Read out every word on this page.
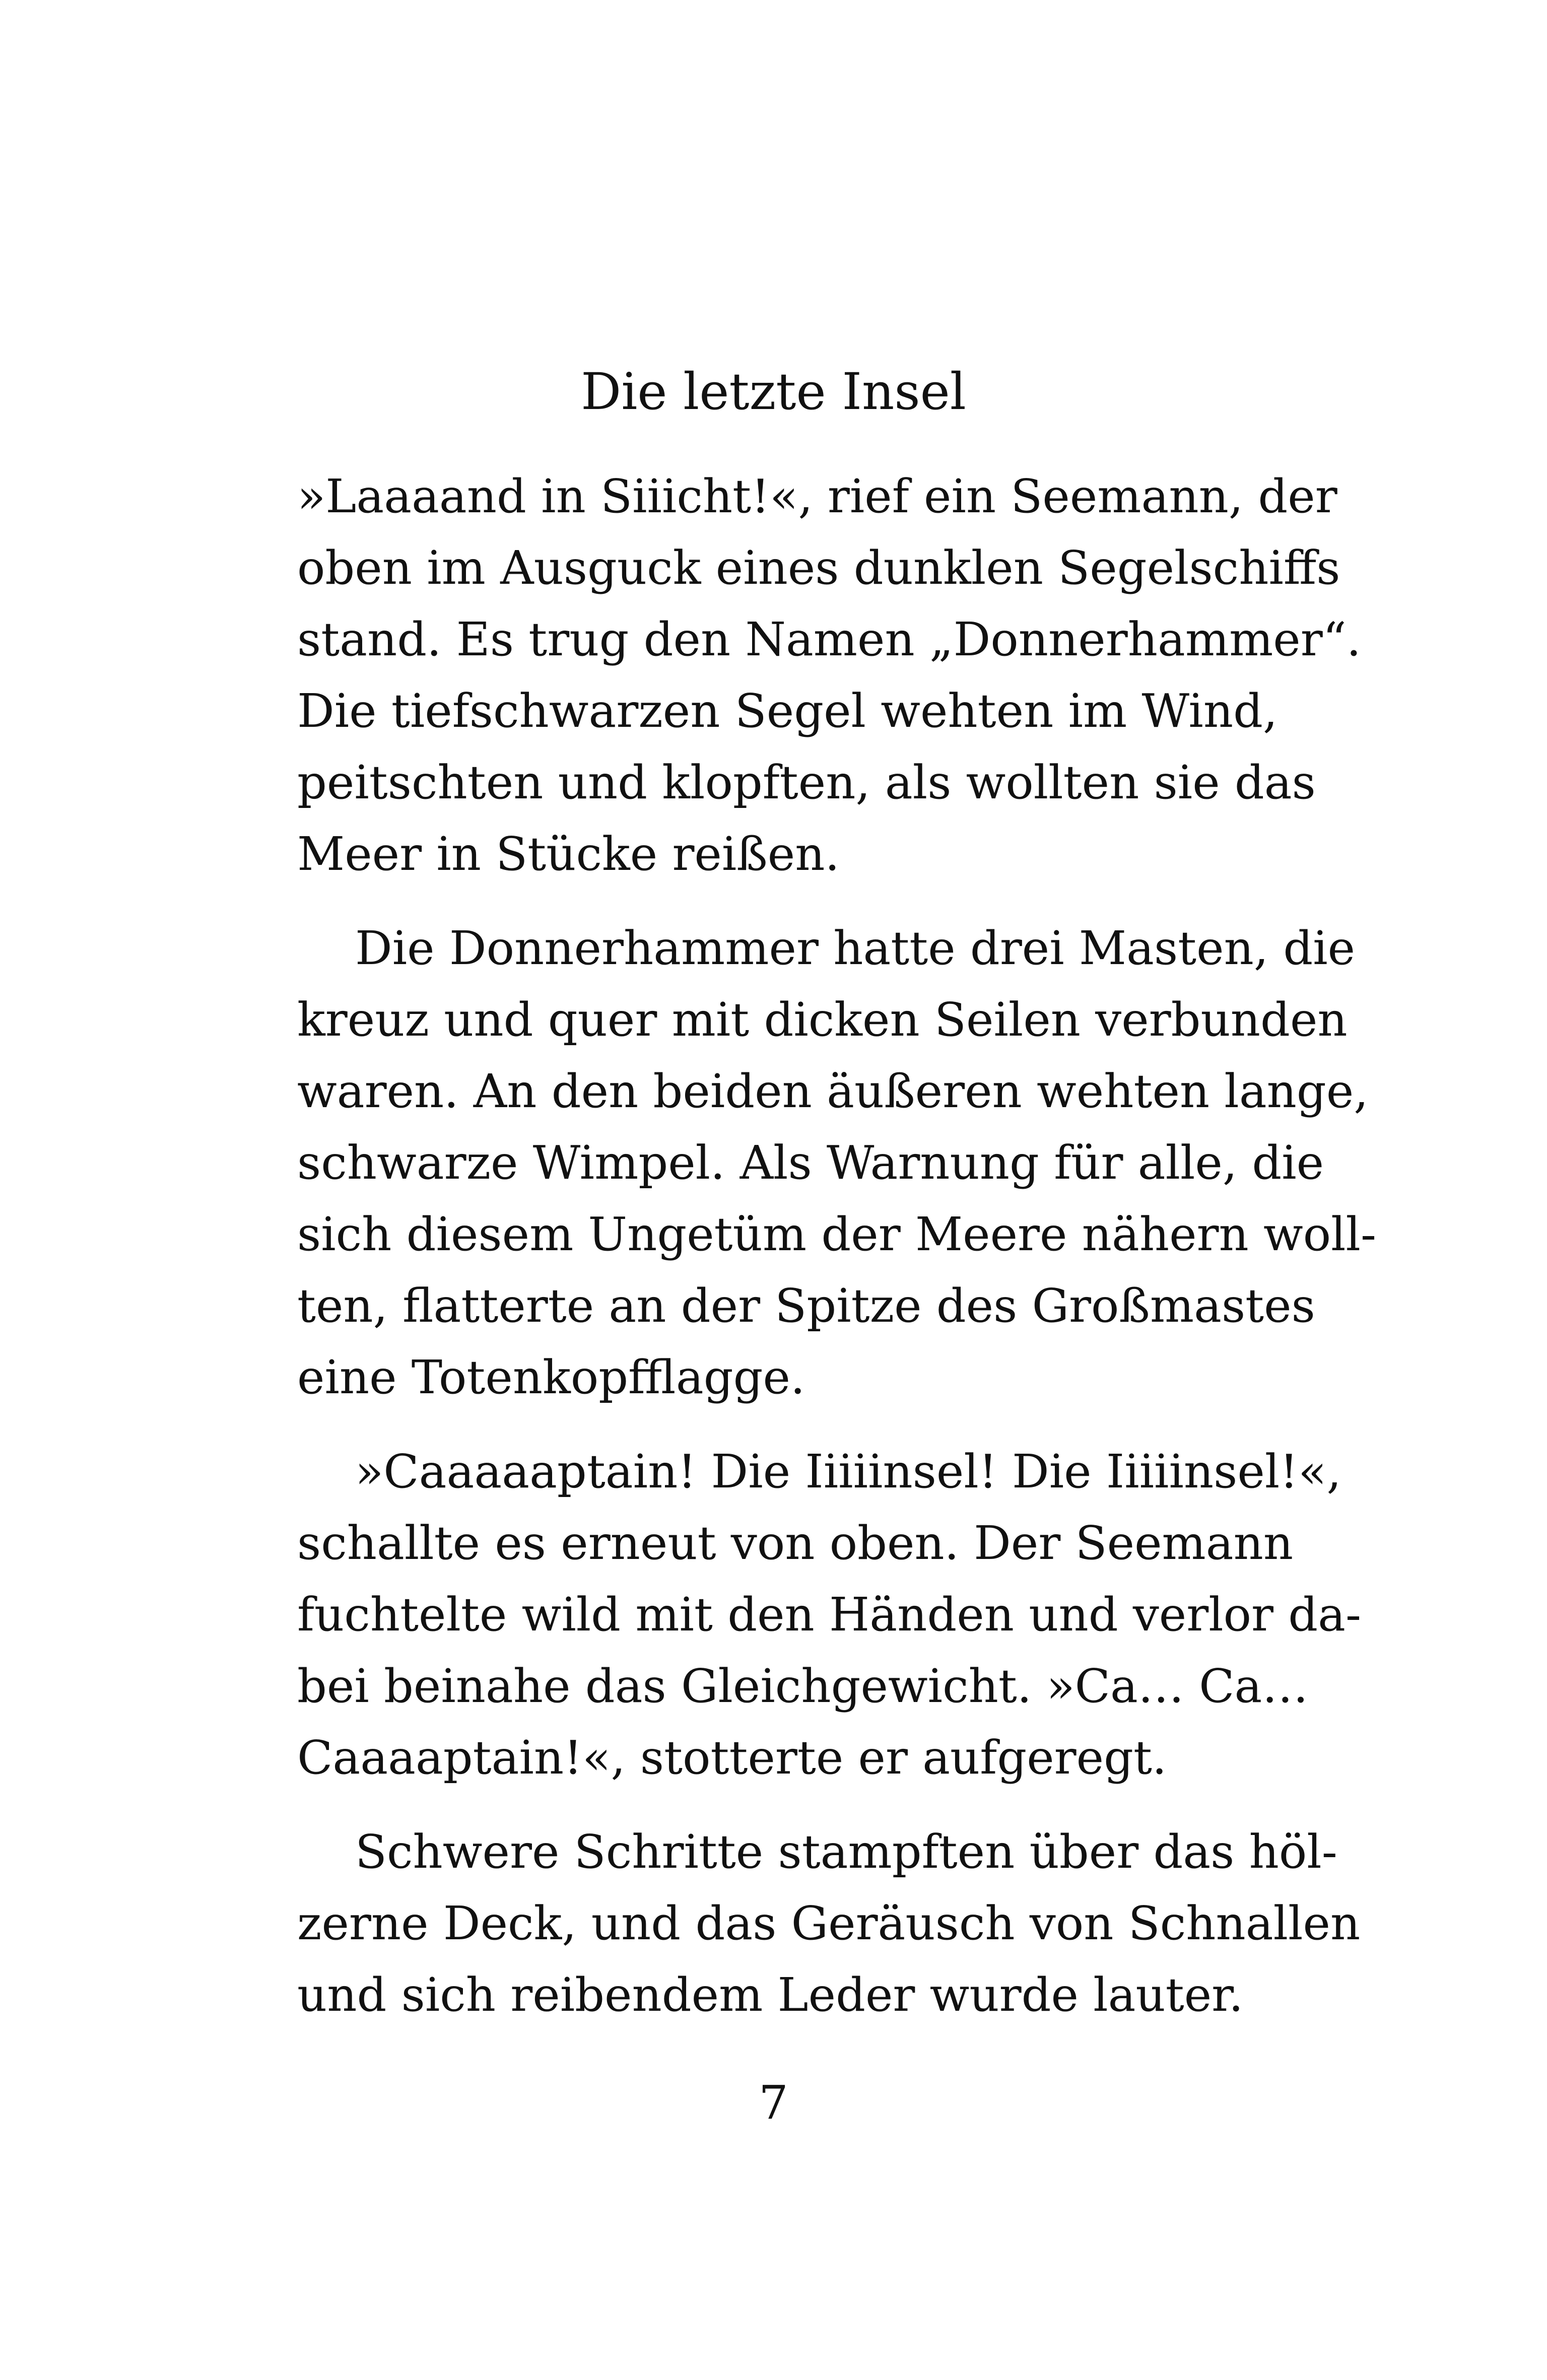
Die letzte Insel

»Laaaand in Siiicht!«, rief ein Seemann, der
oben im Ausguck eines dunklen Segelschiffs
stand. Es trug den Namen „Donnerhammer“.
Die tiefschwarzen Segel wehten im Wind,
peitschten und klopften, als wollten sie das
Meer in Stücke reißen.

Die Donnerhammer hatte drei Masten, die
kreuz und quer mit dicken Seilen verbunden
waren. An den beiden äußeren wehten lange,
schwarze Wimpel. Als Warnung für alle, die
sich diesem Ungetüm der Meere nähern woll-
ten, flatterte an der Spitze des Großmastes
eine Totenkopfflagge.

»Caaaaaptain! Die Iiiiinsel! Die Iiiiinsel!«,
schallte es erneut von oben. Der Seemann
fuchtelte wild mit den Händen und verlor da-
bei beinahe das Gleichgewicht. »Ca… Ca…
Caaaaptain!«, stotterte er aufgeregt.

Schwere Schritte stampften über das höl-
zerne Deck, und das Geräusch von Schnallen
und sich reibendem Leder wurde lauter.

7
